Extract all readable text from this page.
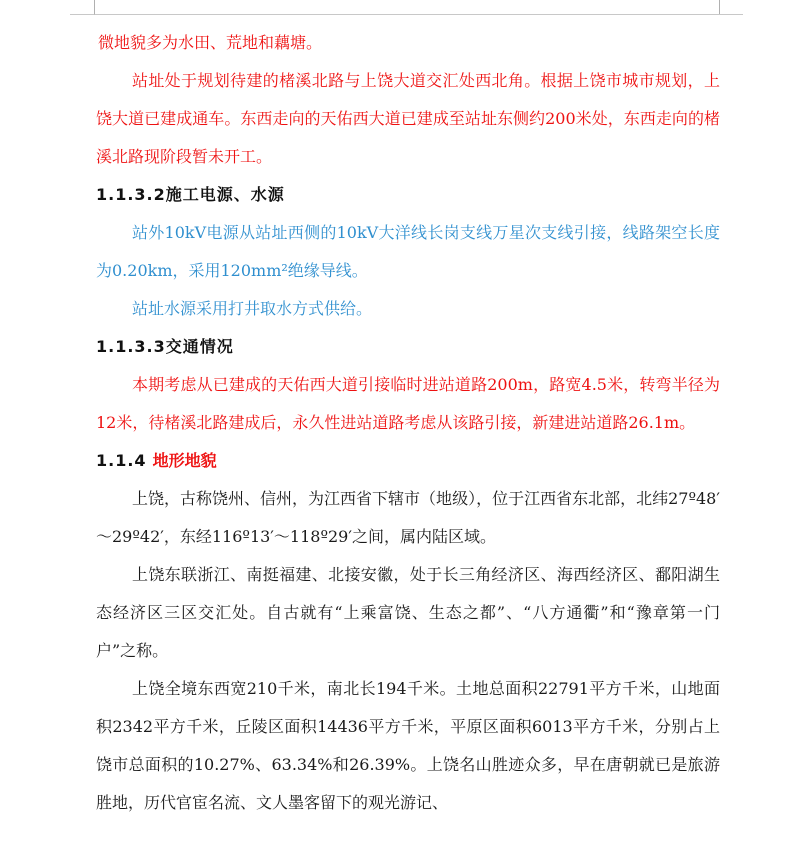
微地貌多为水田、荒地和藕塘。

站址处于规划待建的楮溪北路与上饶大道交汇处西北角。根据上饶市城市规划，上饶大道已建成通车。东西走向的天佑西大道已建成至站址东侧约200米处，东西走向的楮溪北路现阶段暂未开工。

1.1.3.2施工电源、水源

站外10kV电源从站址西侧的10kV大洋线长岗支线万星次支线引接，线路架空长度为0.20km，采用120mm²绝缘导线。

站址水源采用打井取水方式供给。

1.1.3.3交通情况

本期考虑从已建成的天佑西大道引接临时进站道路200m，路宽4.5米，转弯半径为12米，待楮溪北路建成后，永久性进站道路考虑从该路引接，新建进站道路26.1m。

1.1.4 地形地貌

上饶，古称饶州、信州，为江西省下辖市（地级），位于江西省东北部，北纬27º48′～29º42′，东经116º13′～118º29′之间，属内陆区域。

上饶东联浙江、南挺福建、北接安徽，处于长三角经济区、海西经济区、鄱阳湖生态经济区三区交汇处。自古就有“上乘富饶、生态之都”、“八方通衢”和“豫章第一门户”之称。

上饶全境东西宽210千米，南北长194千米。土地总面积22791平方千米，山地面积2342平方千米，丘陵区面积14436平方千米，平原区面积6013平方千米，分别占上饶市总面积的10.27%、63.34%和26.39%。上饶名山胜迹众多，早在唐朝就已是旅游胜地，历代官宦名流、文人墨客留下的观光游记、
